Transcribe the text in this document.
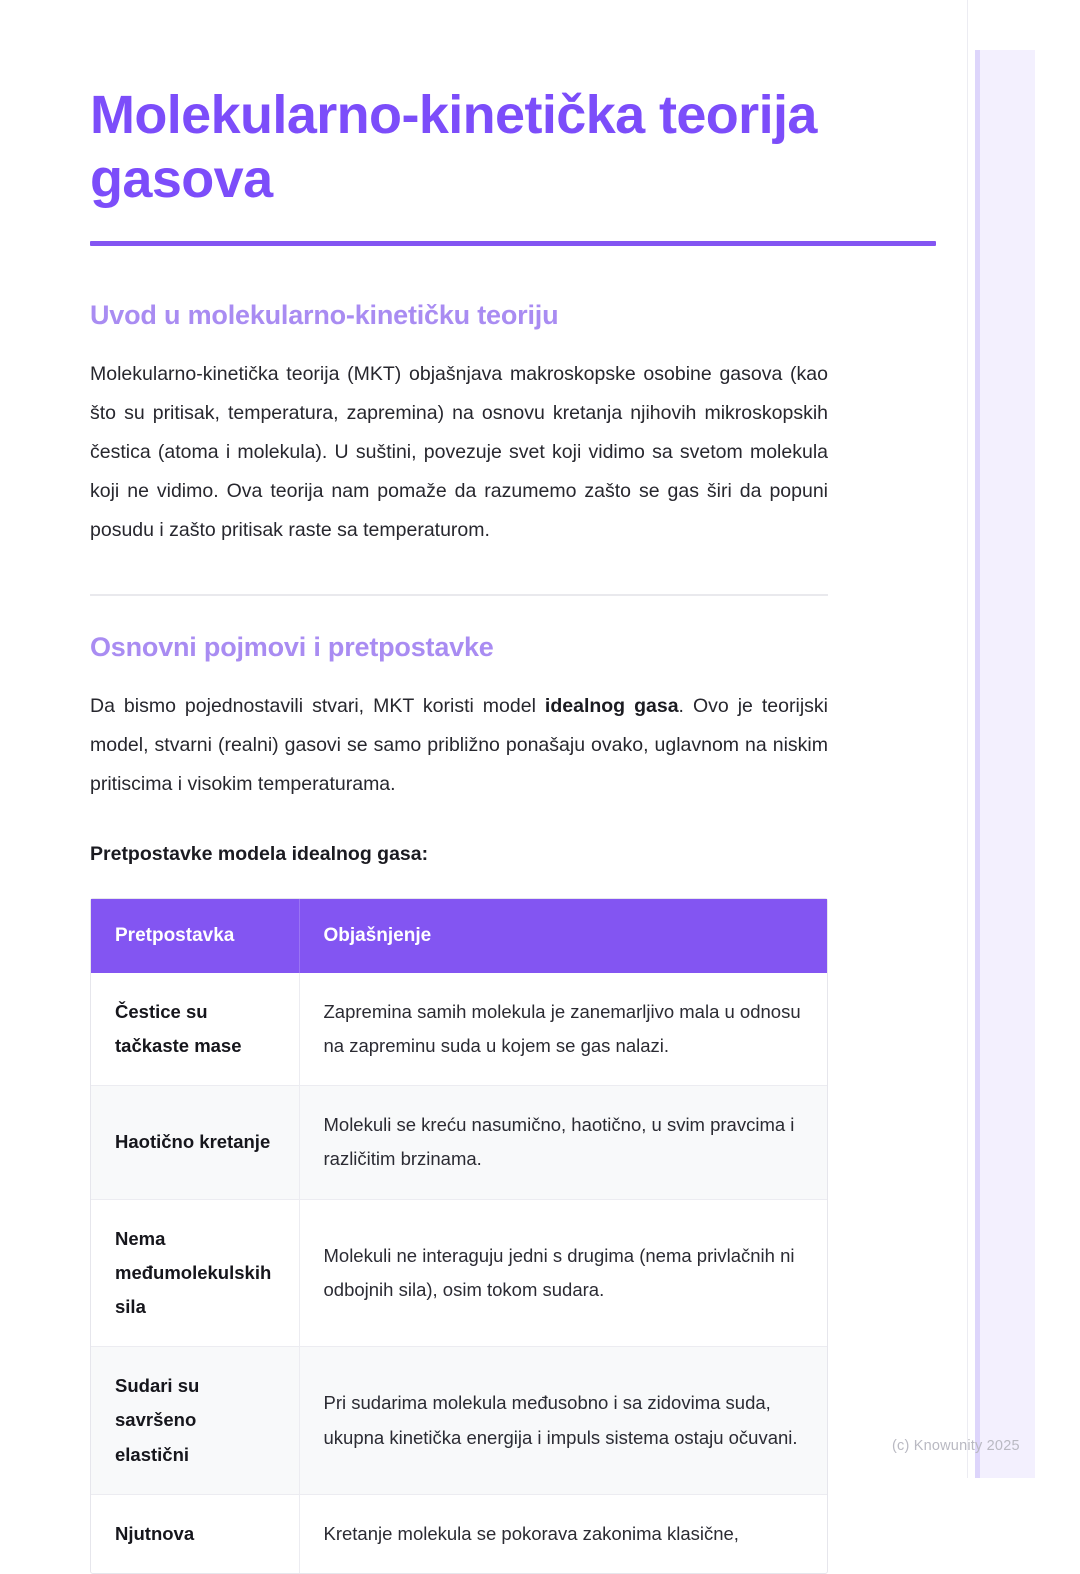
Molekularno-kinetička teorija gasova
Uvod u molekularno-kinetičku teoriju

Molekularno-kinetička teorija (MKT) objašnjava makroskopske osobine gasova (kao što su pritisak, temperatura, zapremina) na osnovu kretanja njihovih mikroskopskih čestica (atoma i molekula). U suštini, povezuje svet koji vidimo sa svetom molekula koji ne vidimo. Ova teorija nam pomaže da razumemo zašto se gas širi da popuni posudu i zašto pritisak raste sa temperaturom.

Osnovni pojmovi i pretpostavke

Da bismo pojednostavili stvari, MKT koristi model idealnog gasa. Ovo je teorijski model, stvarni (realni) gasovi se samo približno ponašaju ovako, uglavnom na niskim pritiscima i visokim temperaturama.

Pretpostavke modela idealnog gasa:

Pretpostavka	Objašnjenje
Čestice su tačkaste mase	Zapremina samih molekula je zanemarljivo mala u odnosu na zapreminu suda u kojem se gas nalazi.
Haotično kretanje	Molekuli se kreću nasumično, haotično, u svim pravcima i različitim brzinama.
Nema međumolekulskih sila	Molekuli ne interaguju jedni s drugima (nema privlačnih ni odbojnih sila), osim tokom sudara.
Sudari su savršeno elastični	Pri sudarima molekula međusobno i sa zidovima suda, ukupna kinetička energija i impuls sistema ostaju očuvani.
Njutnova	Kretanje molekula se pokorava zakonima klasične,
(c) Knowunity 2025
